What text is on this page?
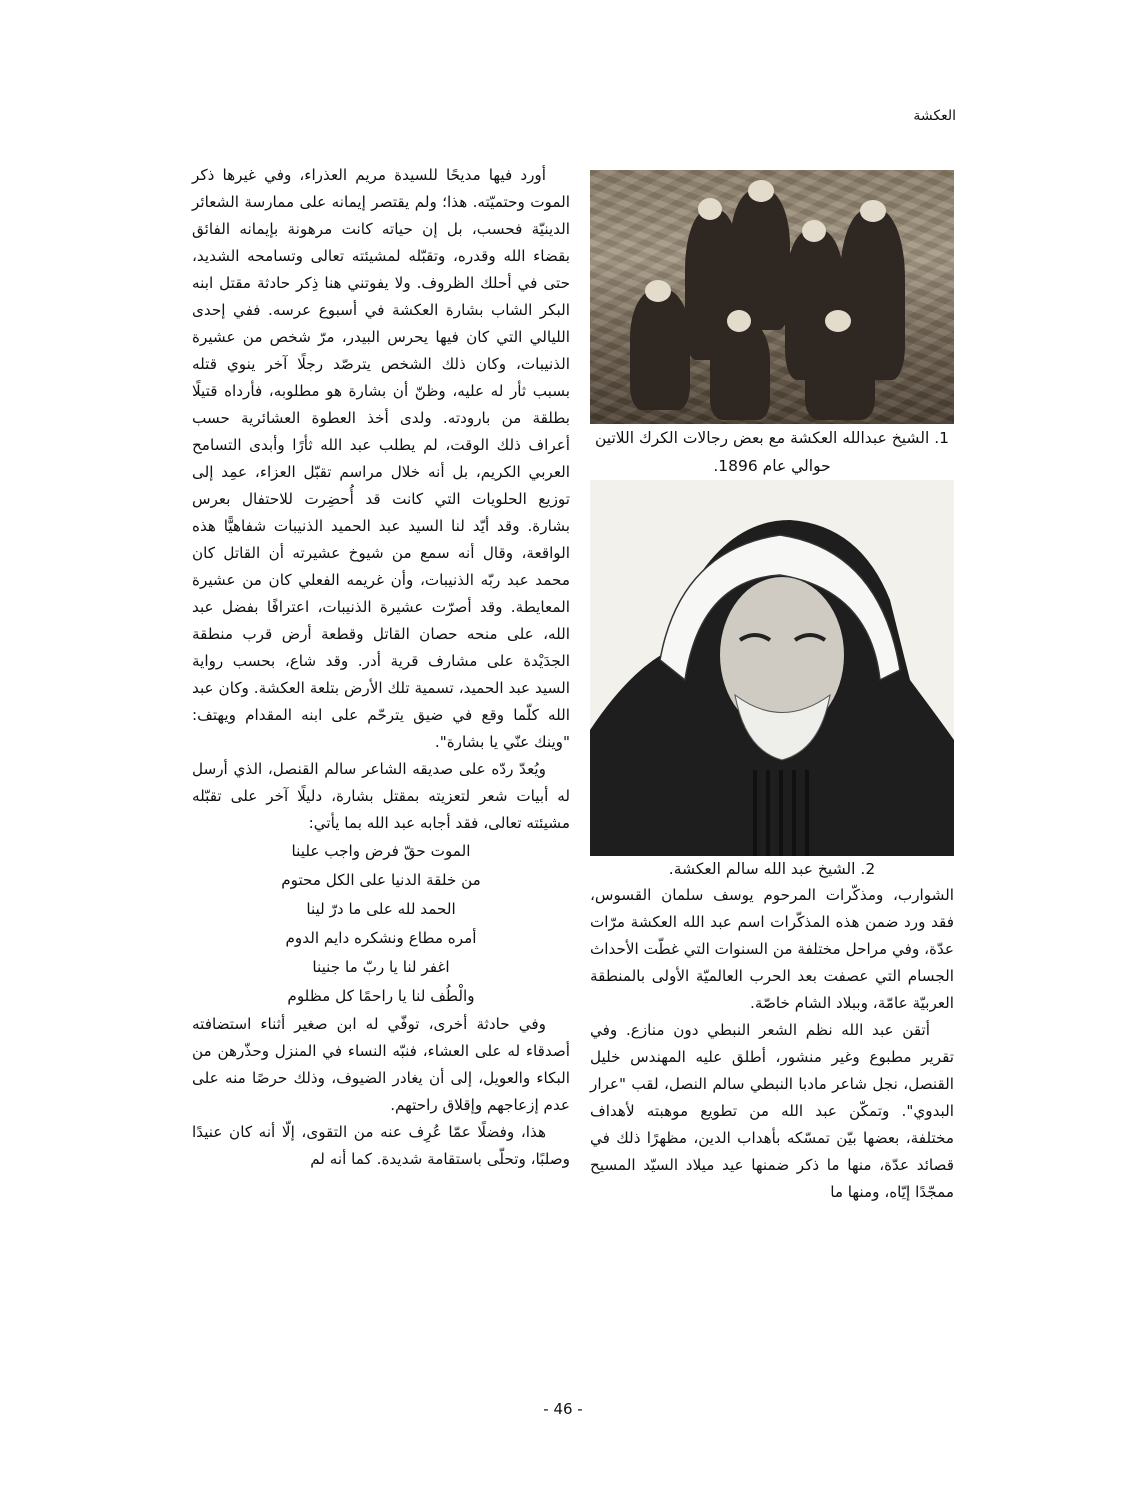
العكشة

أورد فيها مديحًا للسيدة مريم العذراء، وفي غيرها ذكر الموت وحتميّته. هذا؛ ولم يقتصر إيمانه على ممارسة الشعائر الدينيّة فحسب، بل إن حياته كانت مرهونة بإيمانه الفائق بقضاء الله وقدره، وتقبّله لمشيئته تعالى وتسامحه الشديد، حتى في أحلك الظروف. ولا يفوتني هنا ذِكر حادثة مقتل ابنه البكر الشاب بشارة العكشة في أسبوع عرسه. ففي إحدى الليالي التي كان فيها يحرس البيدر، مرّ شخص من عشيرة الذنيبات، وكان ذلك الشخص يترصّد رجلًا آخر ينوي قتله بسبب ثأر له عليه، وظنّ أن بشارة هو مطلوبه، فأرداه قتيلًا بطلقة من بارودته. ولدى أخذ العطوة العشائرية حسب أعراف ذلك الوقت، لم يطلب عبد الله ثأرًا وأبدى التسامح العربي الكريم، بل أنه خلال مراسم تقبّل العزاء، عمِد إلى توزيع الحلويات التي كانت قد أُحضِرت للاحتفال بعرس بشارة. وقد أيّد لنا السيد عبد الحميد الذنيبات شفاهيًّا هذه الواقعة، وقال أنه سمع من شيوخ عشيرته أن القاتل كان محمد عبد ربّه الذنيبات، وأن غريمه الفعلي كان من عشيرة المعايطة. وقد أصرّت عشيرة الذنيبات، اعترافًا بفضل عبد الله، على منحه حصان القاتل وقطعة أرض قرب منطقة الجدَيْدة على مشارف قرية أدر. وقد شاع، بحسب رواية السيد عبد الحميد، تسمية تلك الأرض بتلعة العكشة. وكان عبد الله كلّما وقع في ضيق يترحّم على ابنه المقدام ويهتف: "وينك عنّي يا بشارة".

ويُعدّ ردّه على صديقه الشاعر سالم القنصل، الذي أرسل له أبيات شعر لتعزيته بمقتل بشارة، دليلًا آخر على تقبّله مشيئته تعالى، فقد أجابه عبد الله بما يأتي:

الموت حقّ فرض واجب علينا

من خلقة الدنيا على الكل محتوم

الحمد لله على ما درّ لينا

أمره مطاع ونشكره دايم الدوم

اغفر لنا يا ربّ ما جنينا

والْطُف لنا يا راحمًا كل مظلوم

وفي حادثة أخرى، توفّي له ابن صغير أثناء استضافته أصدقاء له على العشاء، فنبّه النساء في المنزل وحذّرهن من البكاء والعويل، إلى أن يغادر الضيوف، وذلك حرصًا منه على عدم إزعاجهم وإقلاق راحتهم.

هذا، وفضلًا عمّا عُرِف عنه من التقوى، إلّا أنه كان عنيدًا وصلبًا، وتحلّى باستقامة شديدة. كما أنه لم

1. الشيخ عبدالله العكشة مع بعض رجالات الكرك اللاتين حوالي عام 1896.

2. الشيخ عبد الله سالم العكشة.

الشوارب، ومذكّرات المرحوم يوسف سلمان القسوس، فقد ورد ضمن هذه المذكّرات اسم عبد الله العكشة مرّات عدّة، وفي مراحل مختلفة من السنوات التي غطّت الأحداث الجسام التي عصفت بعد الحرب العالميّة الأولى بالمنطقة العربيّة عامّة، وببلاد الشام خاصّة.

أتقن عبد الله نظم الشعر النبطي دون منازع. وفي تقرير مطبوع وغير منشور، أطلق عليه المهندس خليل القنصل، نجل شاعر مادبا النبطي سالم النصل، لقب "عرار البدوي". وتمكّن عبد الله من تطويع موهبته لأهداف مختلفة، بعضها بيّن تمسّكه بأهداب الدين، مظهرًا ذلك في قصائد عدّة، منها ما ذكر ضمنها عيد ميلاد السيّد المسيح ممجّدًا إيّاه، ومنها ما

- 46 -
